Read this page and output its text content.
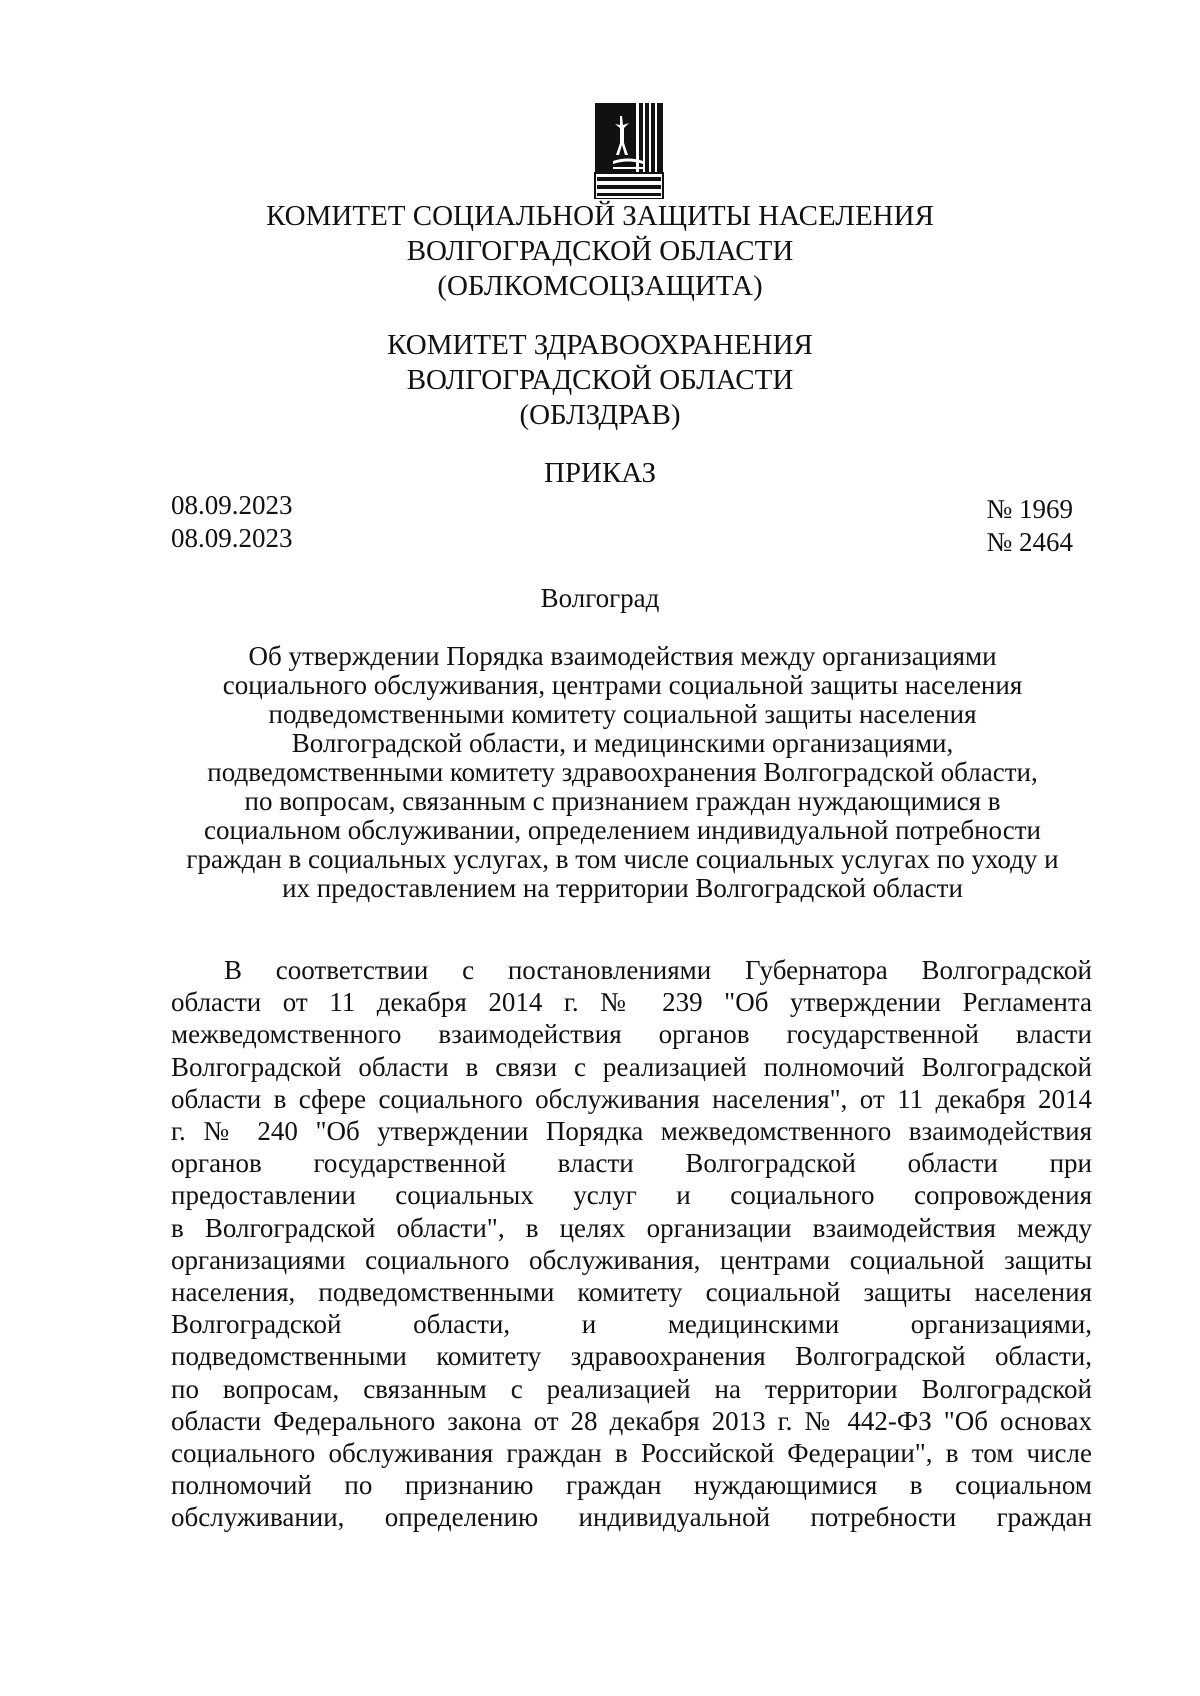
КОМИТЕТ СОЦИАЛЬНОЙ ЗАЩИТЫ НАСЕЛЕНИЯ
ВОЛГОГРАДСКОЙ ОБЛАСТИ
(ОБЛКОМСОЦЗАЩИТА)
КОМИТЕТ ЗДРАВООХРАНЕНИЯ
ВОЛГОГРАДСКОЙ ОБЛАСТИ
(ОБЛЗДРАВ)
ПРИКАЗ
08.09.2023
08.09.2023
№ 1969
№ 2464
Волгоград
Об утверждении Порядка взаимодействия между организациями
социального обслуживания, центрами социальной защиты населения
подведомственными комитету социальной защиты населения
Волгоградской области, и медицинскими организациями,
подведомственными комитету здравоохранения Волгоградской области,
по вопросам, связанным с признанием граждан нуждающимися в
социальном обслуживании, определением индивидуальной потребности
граждан в социальных услугах, в том числе социальных услугах по уходу и
их предоставлением на территории Волгоградской области
В соответствии с постановлениями Губернатора Волгоградской
области от 11 декабря 2014 г. № 239 "Об утверждении Регламента
межведомственного взаимодействия органов государственной власти
Волгоградской области в связи с реализацией полномочий Волгоградской
области в сфере социального обслуживания населения", от 11 декабря 2014
г. № 240 "Об утверждении Порядка межведомственного взаимодействия
органов государственной власти Волгоградской области при
предоставлении социальных услуг и социального сопровождения
в Волгоградской области", в целях организации взаимодействия между
организациями социального обслуживания, центрами социальной защиты
населения, подведомственными комитету социальной защиты населения
Волгоградской области, и медицинскими организациями,
подведомственными комитету здравоохранения Волгоградской области,
по вопросам, связанным с реализацией на территории Волгоградской
области Федерального закона от 28 декабря 2013 г. № 442-ФЗ "Об основах
социального обслуживания граждан в Российской Федерации", в том числе
полномочий по признанию граждан нуждающимися в социальном
обслуживании, определению индивидуальной потребности граждан
